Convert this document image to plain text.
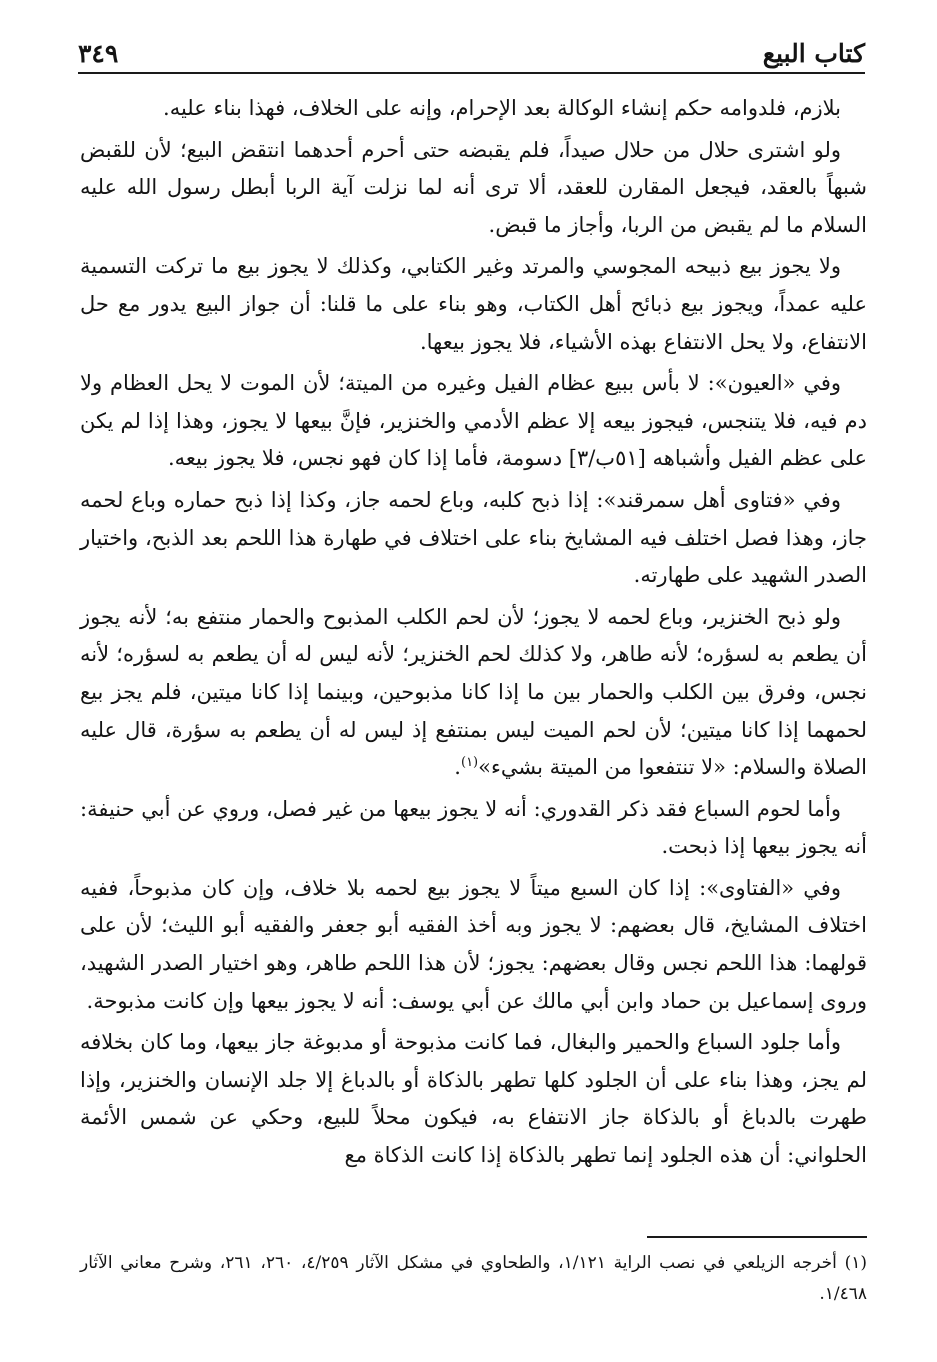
كتاب البيع
٣٤٩

بلازم، فلدوامه حكم إنشاء الوكالة بعد الإحرام، وإنه على الخلاف، فهذا بناء عليه.

ولو اشترى حلال من حلال صيداً، فلم يقبضه حتى أحرم أحدهما انتقض البيع؛ لأن للقبض شبهاً بالعقد، فيجعل المقارن للعقد، ألا ترى أنه لما نزلت آية الربا أبطل رسول الله عليه السلام ما لم يقبض من الربا، وأجاز ما قبض.

ولا يجوز بيع ذبيحه المجوسي والمرتد وغير الكتابي، وكذلك لا يجوز بيع ما تركت التسمية عليه عمداً، ويجوز بيع ذبائح أهل الكتاب، وهو بناء على ما قلنا: أن جواز البيع يدور مع حل الانتفاع، ولا يحل الانتفاع بهذه الأشياء، فلا يجوز بيعها.

وفي «العيون»: لا بأس ببيع عظام الفيل وغيره من الميتة؛ لأن الموت لا يحل العظام ولا دم فيه، فلا يتنجس، فيجوز بيعه إلا عظم الأدمي والخنزير، فإنَّ بيعها لا يجوز، وهذا إذا لم يكن على عظم الفيل وأشباهه [٥١ب/٣] دسومة، فأما إذا كان فهو نجس، فلا يجوز بيعه.

وفي «فتاوى أهل سمرقند»: إذا ذبح كلبه، وباع لحمه جاز، وكذا إذا ذبح حماره وباع لحمه جاز، وهذا فصل اختلف فيه المشايخ بناء على اختلاف في طهارة هذا اللحم بعد الذبح، واختيار الصدر الشهيد على طهارته.

ولو ذبح الخنزير، وباع لحمه لا يجوز؛ لأن لحم الكلب المذبوح والحمار منتفع به؛ لأنه يجوز أن يطعم به لسؤره؛ لأنه طاهر، ولا كذلك لحم الخنزير؛ لأنه ليس له أن يطعم به لسؤره؛ لأنه نجس، وفرق بين الكلب والحمار بين ما إذا كانا مذبوحين، وبينما إذا كانا ميتين، فلم يجز بيع لحمهما إذا كانا ميتين؛ لأن لحم الميت ليس بمنتفع إذ ليس له أن يطعم به سؤرة، قال عليه الصلاة والسلام: «لا تنتفعوا من الميتة بشيء»$^{(١)}$.

وأما لحوم السباع فقد ذكر القدوري: أنه لا يجوز بيعها من غير فصل، وروي عن أبي حنيفة: أنه يجوز بيعها إذا ذبحت.

وفي «الفتاوى»: إذا كان السبع ميتاً لا يجوز بيع لحمه بلا خلاف، وإن كان مذبوحاً، ففيه اختلاف المشايخ، قال بعضهم: لا يجوز وبه أخذ الفقيه أبو جعفر والفقيه أبو الليث؛ لأن على قولهما: هذا اللحم نجس وقال بعضهم: يجوز؛ لأن هذا اللحم طاهر، وهو اختيار الصدر الشهيد، وروى إسماعيل بن حماد وابن أبي مالك عن أبي يوسف: أنه لا يجوز بيعها وإن كانت مذبوحة.

وأما جلود السباع والحمير والبغال، فما كانت مذبوحة أو مدبوغة جاز بيعها، وما كان بخلافه لم يجز، وهذا بناء على أن الجلود كلها تطهر بالذكاة أو بالدباغ إلا جلد الإنسان والخنزير، وإذا طهرت بالدباغ أو بالذكاة جاز الانتفاع به، فيكون محلاً للبيع، وحكي عن شمس الأئمة الحلواني: أن هذه الجلود إنما تطهر بالذكاة إذا كانت الذكاة مع

(١) أخرجه الزيلعي في نصب الراية ١/١٢١، والطحاوي في مشكل الآثار ٤/٢٥٩، ٢٦٠، ٢٦١، وشرح معاني الآثار ١/٤٦٨.
